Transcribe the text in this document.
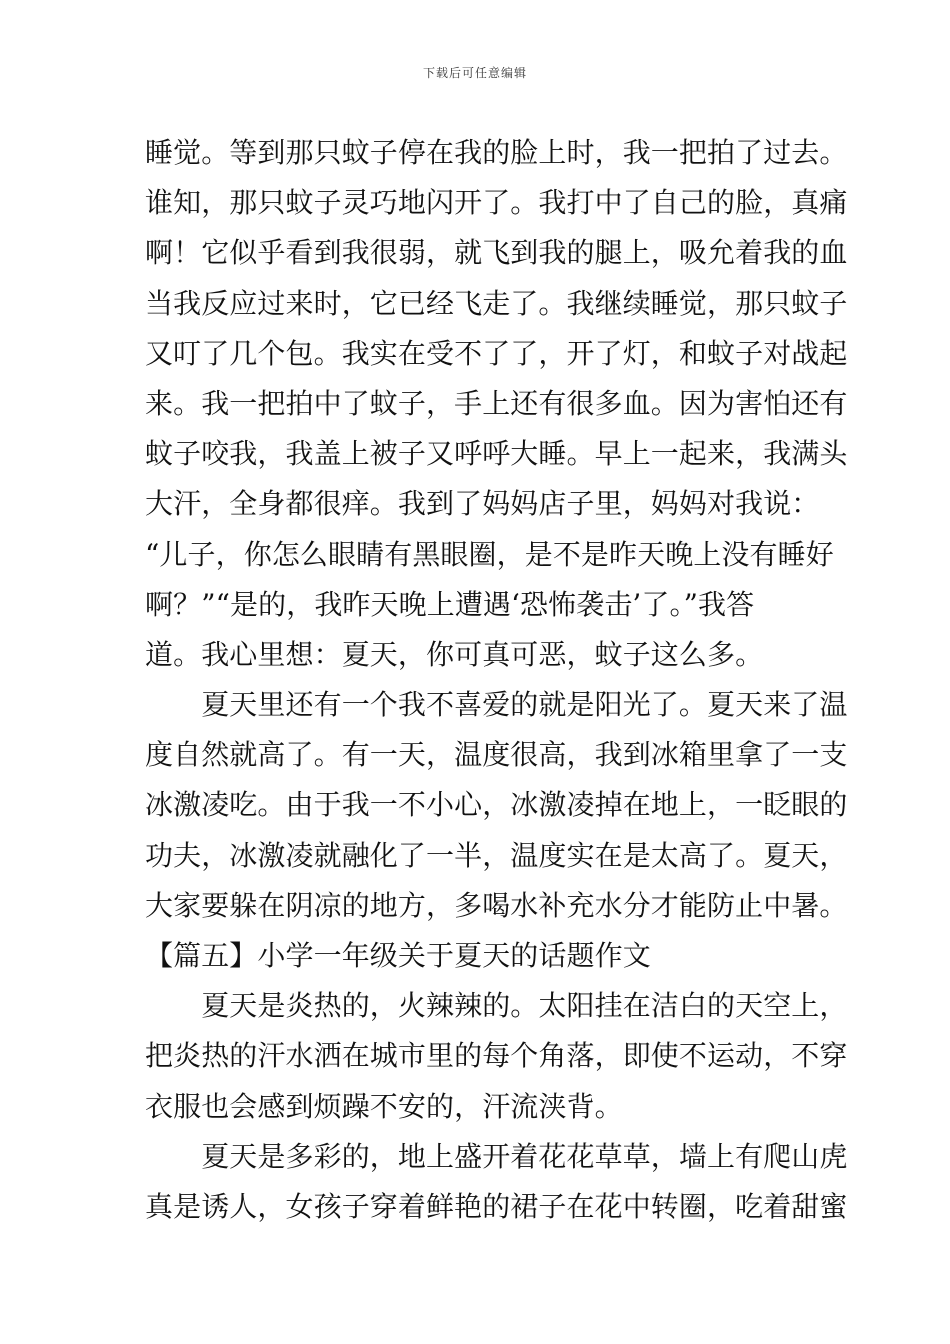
下载后可任意编辑
睡觉。等到那只蚊子停在我的脸上时，我一把拍了过去。
谁知，那只蚊子灵巧地闪开了。我打中了自己的脸，真痛
啊！它似乎看到我很弱，就飞到我的腿上，吸允着我的血
当我反应过来时，它已经飞走了。我继续睡觉，那只蚊子
又叮了几个包。我实在受不了了，开了灯，和蚊子对战起
来。我一把拍中了蚊子，手上还有很多血。因为害怕还有
蚊子咬我，我盖上被子又呼呼大睡。早上一起来，我满头
大汗，全身都很痒。我到了妈妈店子里，妈妈对我说：
“儿子，你怎么眼睛有黑眼圈，是不是昨天晚上没有睡好
啊？”“是的，我昨天晚上遭遇‘恐怖袭击’了。”我答
道。我心里想：夏天，你可真可恶，蚊子这么多。
　　夏天里还有一个我不喜爱的就是阳光了。夏天来了温
度自然就高了。有一天，温度很高，我到冰箱里拿了一支
冰激凌吃。由于我一不小心，冰激凌掉在地上，一眨眼的
功夫，冰激凌就融化了一半，温度实在是太高了。夏天，
大家要躲在阴凉的地方，多喝水补充水分才能防止中暑。
【篇五】小学一年级关于夏天的话题作文
　　夏天是炎热的，火辣辣的。太阳挂在洁白的天空上，
把炎热的汗水洒在城市里的每个角落，即使不运动，不穿
衣服也会感到烦躁不安的，汗流浃背。
　　夏天是多彩的，地上盛开着花花草草，墙上有爬山虎
真是诱人，女孩子穿着鲜艳的裙子在花中转圈，吃着甜蜜
